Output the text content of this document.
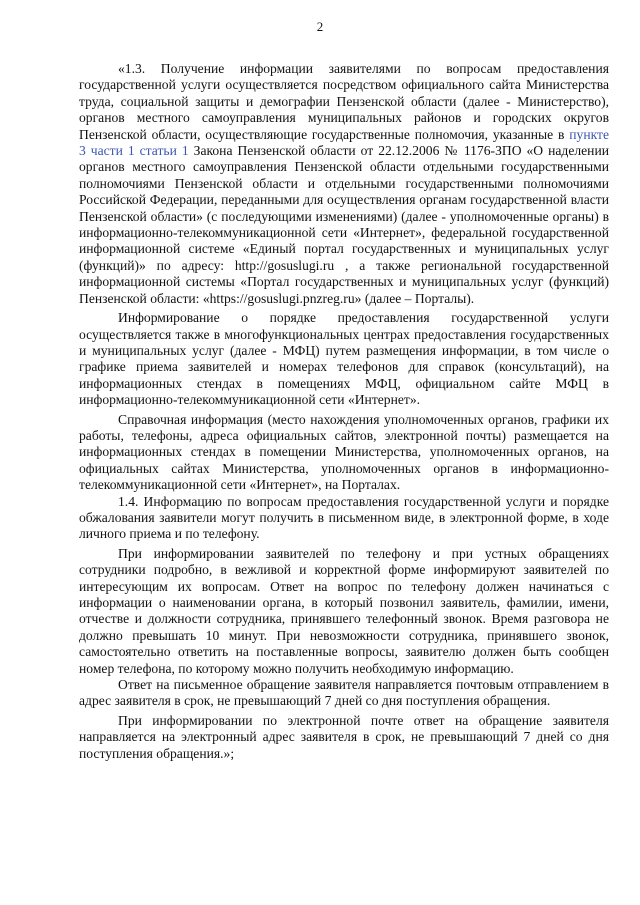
2

«1.3. Получение информации заявителями по вопросам предоставления государственной услуги осуществляется посредством официального сайта Министерства труда, социальной защиты и демографии Пензенской области (далее - Министерство), органов местного самоуправления муниципальных районов и городских округов Пензенской области, осуществляющие государственные полномочия, указанные в пункте 3 части 1 статьи 1 Закона Пензенской области от 22.12.2006 № 1176-ЗПО «О наделении органов местного самоуправления Пензенской области отдельными государственными полномочиями Пензенской области и отдельными государственными полномочиями Российской Федерации, переданными для осуществления органам государственной власти Пензенской области» (с последующими изменениями) (далее - уполномоченные органы) в информационно-телекоммуникационной сети «Интернет», федеральной государственной информационной системе «Единый портал государственных и муниципальных услуг (функций)» по адресу: http://gosuslugi.ru , а также региональной государственной информационной системы «Портал государственных и муниципальных услуг (функций) Пензенской области: «https://gosuslugi.pnzreg.ru» (далее – Порталы).

Информирование о порядке предоставления государственной услуги осуществляется также в многофункциональных центрах предоставления государственных и муниципальных услуг (далее - МФЦ) путем размещения информации, в том числе о графике приема заявителей и номерах телефонов для справок (консультаций), на информационных стендах в помещениях МФЦ, официальном сайте МФЦ в информационно-телекоммуникационной сети «Интернет».

Справочная информация (место нахождения уполномоченных органов, графики их работы, телефоны, адреса официальных сайтов, электронной почты) размещается на информационных стендах в помещении Министерства, уполномоченных органов, на официальных сайтах Министерства, уполномоченных органов в информационно-телекоммуникационной сети «Интернет», на Порталах.

1.4. Информацию по вопросам предоставления государственной услуги и порядке обжалования заявители могут получить в письменном виде, в электронной форме, в ходе личного приема и по телефону.

При информировании заявителей по телефону и при устных обращениях сотрудники подробно, в вежливой и корректной форме информируют заявителей по интересующим их вопросам. Ответ на вопрос по телефону должен начинаться с информации о наименовании органа, в который позвонил заявитель, фамилии, имени, отчестве и должности сотрудника, принявшего телефонный звонок. Время разговора не должно превышать 10 минут. При невозможности сотрудника, принявшего звонок, самостоятельно ответить на поставленные вопросы, заявителю должен быть сообщен номер телефона, по которому можно получить необходимую информацию.

Ответ на письменное обращение заявителя направляется почтовым отправлением в адрес заявителя в срок, не превышающий 7 дней со дня поступления обращения.

При информировании по электронной почте ответ на обращение заявителя направляется на электронный адрес заявителя в срок, не превышающий 7 дней со дня поступления обращения.»;
